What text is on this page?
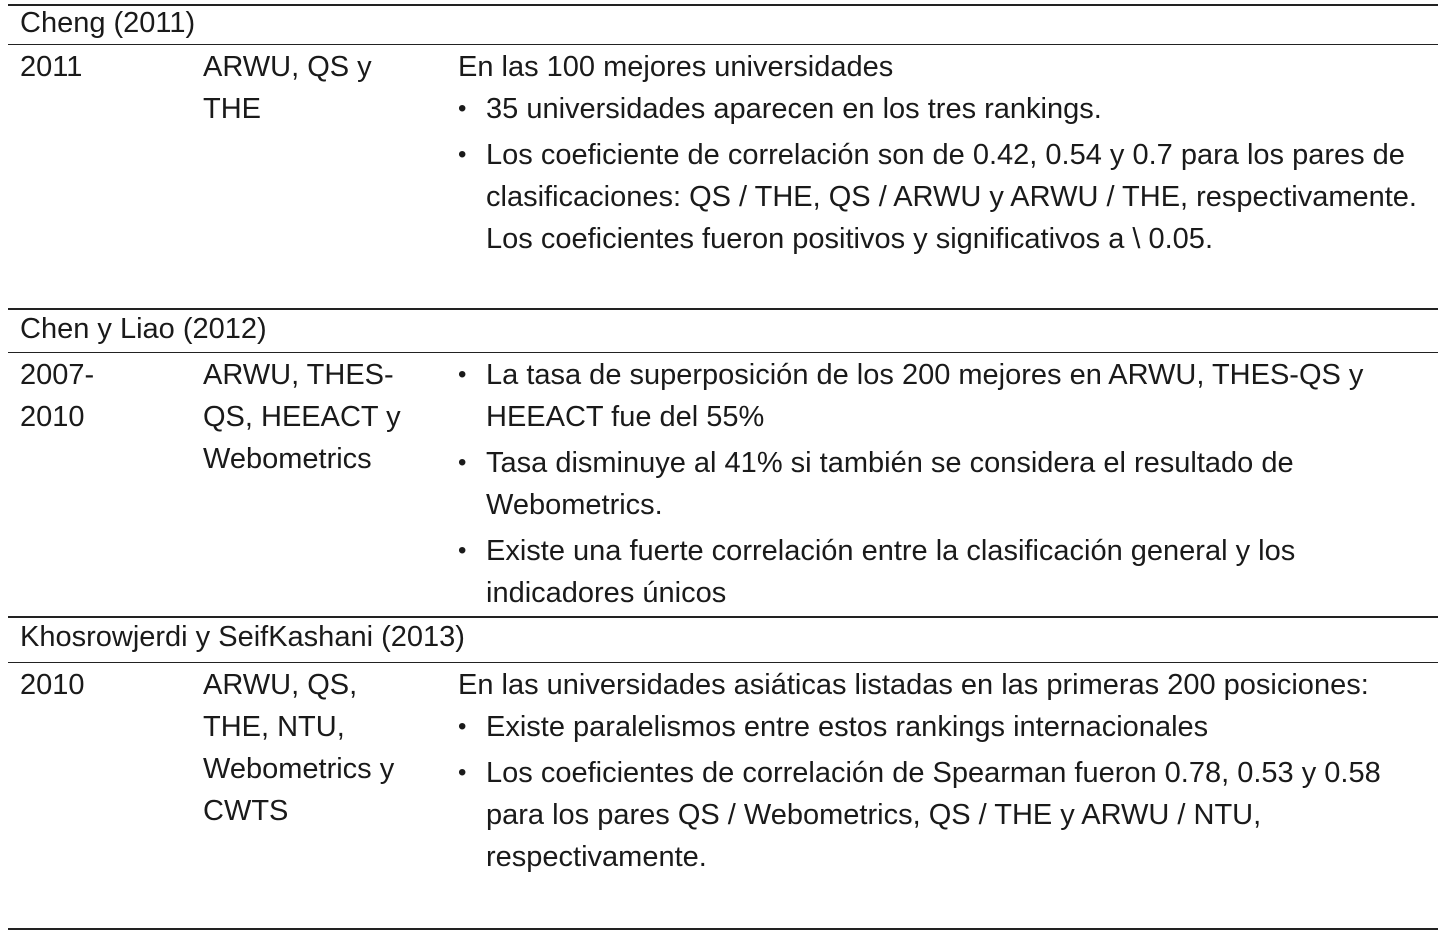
Cheng (2011)
2011	ARWU, QS y THE

En las 100 mejores universidades

• 35 universidades aparecen en los tres rankings.
• Los coeficiente de correlación son de 0.42, 0.54 y 0.7 para los pares de clasificaciones: QS / THE, QS / ARWU y ARWU / THE, respectivamente. Los coeficientes fueron positivos y significativos a \ 0.05.
Chen y Liao (2012)
2007-2010
ARWU, THES-QS, HEEACT y Webometrics
• La tasa de superposición de los 200 mejores en ARWU, THES-QS y HEEACT fue del 55%
• Tasa disminuye al 41% si también se considera el resultado de Webometrics.
• Existe una fuerte correlación entre la clasificación general y los indicadores únicos
Khosrowjerdi y SeifKashani (2013)
2010	ARWU, QS, THE, NTU, Webometrics y CWTS

En las universidades asiáticas listadas en las primeras 200 posiciones:

• Existe paralelismos entre estos rankings internacionales
• Los coeficientes de correlación de Spearman fueron 0.78, 0.53 y 0.58 para los pares QS / Webometrics, QS / THE y ARWU / NTU, respectivamente.
